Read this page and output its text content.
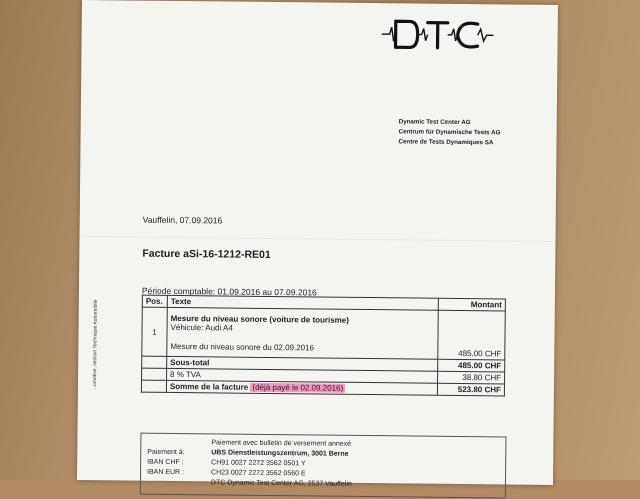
Dynamic Test Center AG
Centrum für Dynamische Tests AG
Centre de Tests Dynamiques SA
Vauffelin, 07.09.2016
Facture aSi-16-1212-RE01
Période comptable: 01.09.2016 au 07.09.2016
Pos.	Texte	Montant
1	Mesure du niveau sonore (voiture de tourisme)
Véhicule: Audi A4
Mesure du niveau sonore du 02.09.2016	485.00 CHF
	Sous-total	485.00 CHF
	8 % TVA	38.80 CHF
	Somme de la facture (déjà payé le 02.09.2016)	523.80 CHF
...omotive, section Technique Automobile
Paiement avec bulletin de versement annexé
Paiement à:	UBS Dienstleistungszentrum, 3001 Berne
IBAN CHF :	CH91 0027 2272 3562 0501 Y
IBAN EUR :	CH23 0027 2272 3562 0560 E
DTC Dynamic Test Center AG, 2537 Vauffelin
